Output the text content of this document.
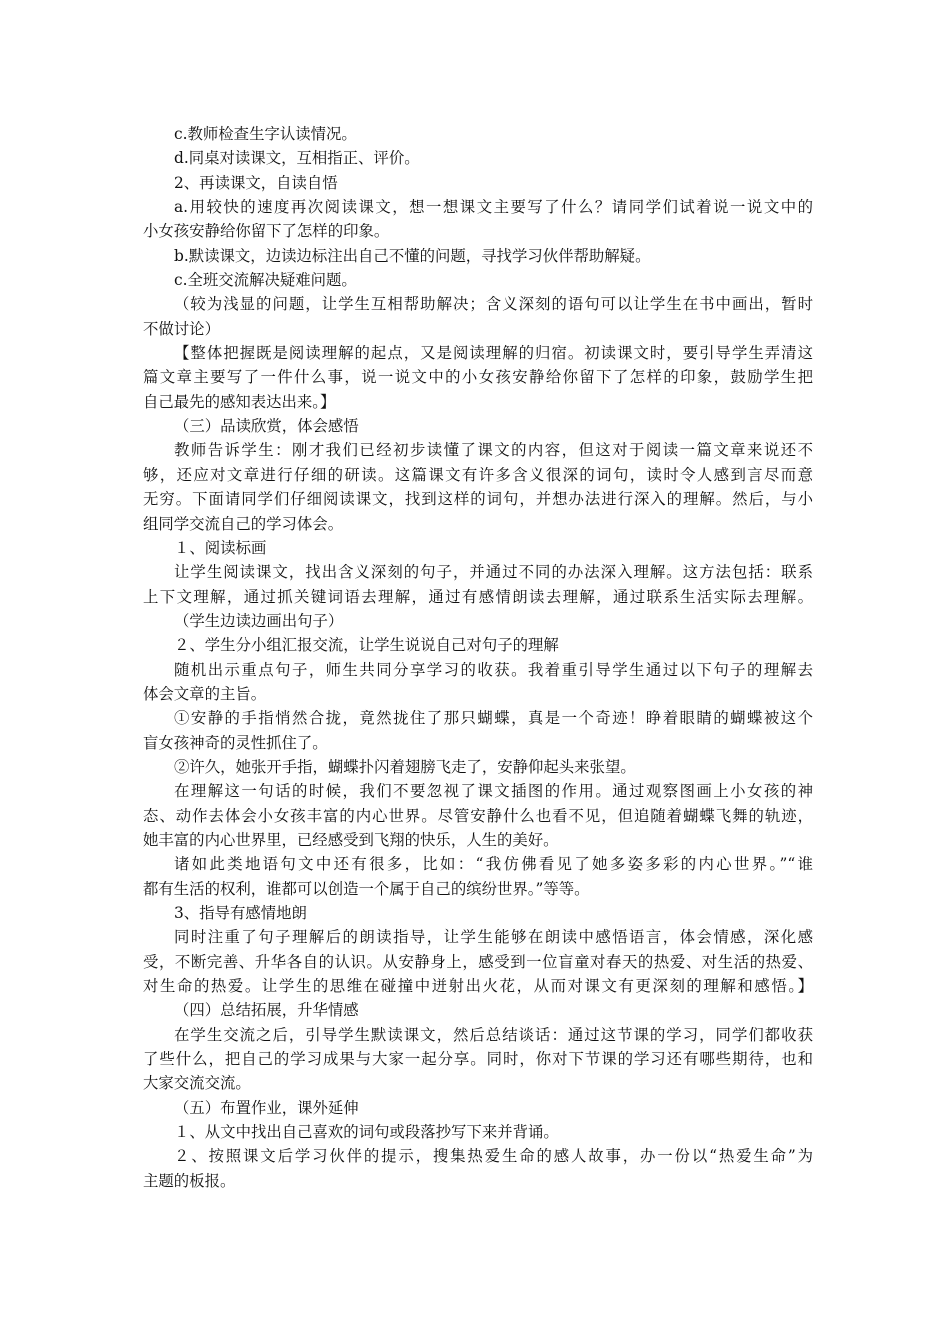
c.教师检查生字认读情况。
d.同桌对读课文，互相指正、评价。
2、再读课文，自读自悟
a.用较快的速度再次阅读课文，想一想课文主要写了什么？请同学们试着说一说文中的
小女孩安静给你留下了怎样的印象。
b.默读课文，边读边标注出自己不懂的问题，寻找学习伙伴帮助解疑。
c.全班交流解决疑难问题。
（较为浅显的问题，让学生互相帮助解决；含义深刻的语句可以让学生在书中画出，暂时
不做讨论）
【整体把握既是阅读理解的起点，又是阅读理解的归宿。初读课文时，要引导学生弄清这
篇文章主要写了一件什么事，说一说文中的小女孩安静给你留下了怎样的印象，鼓励学生把
自己最先的感知表达出来。】
（三）品读欣赏，体会感悟
教师告诉学生：刚才我们已经初步读懂了课文的内容，但这对于阅读一篇文章来说还不
够，还应对文章进行仔细的研读。这篇课文有许多含义很深的词句，读时令人感到言尽而意
无穷。下面请同学们仔细阅读课文，找到这样的词句，并想办法进行深入的理解。然后，与小
组同学交流自己的学习体会。
１、阅读标画
让学生阅读课文，找出含义深刻的句子，并通过不同的办法深入理解。这方法包括：联系
上下文理解，通过抓关键词语去理解，通过有感情朗读去理解，通过联系生活实际去理解。
（学生边读边画出句子）
２、学生分小组汇报交流，让学生说说自己对句子的理解
随机出示重点句子，师生共同分享学习的收获。我着重引导学生通过以下句子的理解去
体会文章的主旨。
①安静的手指悄然合拢，竟然拢住了那只蝴蝶，真是一个奇迹！睁着眼睛的蝴蝶被这个
盲女孩神奇的灵性抓住了。
②许久，她张开手指，蝴蝶扑闪着翅膀飞走了，安静仰起头来张望。
在理解这一句话的时候，我们不要忽视了课文插图的作用。通过观察图画上小女孩的神
态、动作去体会小女孩丰富的内心世界。尽管安静什么也看不见，但追随着蝴蝶飞舞的轨迹，
她丰富的内心世界里，已经感受到飞翔的快乐，人生的美好。
诸如此类地语句文中还有很多，比如：“我仿佛看见了她多姿多彩的内心世界。”“谁
都有生活的权利，谁都可以创造一个属于自己的缤纷世界。”等等。
3、指导有感情地朗
同时注重了句子理解后的朗读指导，让学生能够在朗读中感悟语言，体会情感，深化感
受，不断完善、升华各自的认识。从安静身上，感受到一位盲童对春天的热爱、对生活的热爱、
对生命的热爱。让学生的思维在碰撞中迸射出火花，从而对课文有更深刻的理解和感悟。】
（四）总结拓展，升华情感
在学生交流之后，引导学生默读课文，然后总结谈话：通过这节课的学习，同学们都收获
了些什么，把自己的学习成果与大家一起分享。同时，你对下节课的学习还有哪些期待，也和
大家交流交流。
（五）布置作业，课外延伸
１、从文中找出自己喜欢的词句或段落抄写下来并背诵。
２、按照课文后学习伙伴的提示，搜集热爱生命的感人故事，办一份以“热爱生命”为
主题的板报。
